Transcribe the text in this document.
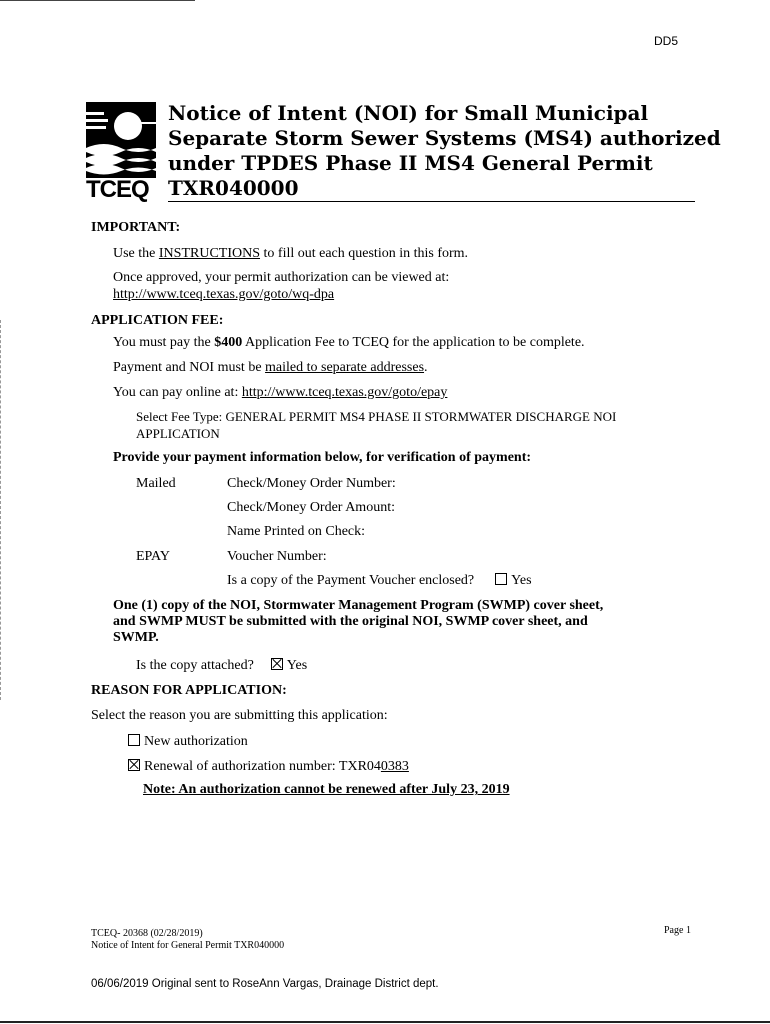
DD5
TCEQ
Notice of Intent (NOI) for Small Municipal
Separate Storm Sewer Systems (MS4) authorized
under TPDES Phase II MS4 General Permit
TXR040000
IMPORTANT:
Use the INSTRUCTIONS to fill out each question in this form.
Once approved, your permit authorization can be viewed at:
http://www.tceq.texas.gov/goto/wq-dpa
APPLICATION FEE:
You must pay the $400 Application Fee to TCEQ for the application to be complete.
Payment and NOI must be mailed to separate addresses.
You can pay online at: http://www.tceq.texas.gov/goto/epay
Select Fee Type: GENERAL PERMIT MS4 PHASE II STORMWATER DISCHARGE NOI
APPLICATION
Provide your payment information below, for verification of payment:
Mailed	Check/Money Order Number:
Check/Money Order Amount:
Name Printed on Check:
EPAY	Voucher Number:
Is a copy of the Payment Voucher enclosed?	Yes
One (1) copy of the NOI, Stormwater Management Program (SWMP) cover sheet,
and SWMP MUST be submitted with the original NOI, SWMP cover sheet, and
SWMP.
Is the copy attached? Yes
REASON FOR APPLICATION:
Select the reason you are submitting this application:
New authorization
Renewal of authorization number: TXR040383
Note: An authorization cannot be renewed after July 23, 2019
TCEQ- 20368 (02/28/2019)
Notice of Intent for General Permit TXR040000
Page 1
06/06/2019 Original sent to RoseAnn Vargas, Drainage District dept.
